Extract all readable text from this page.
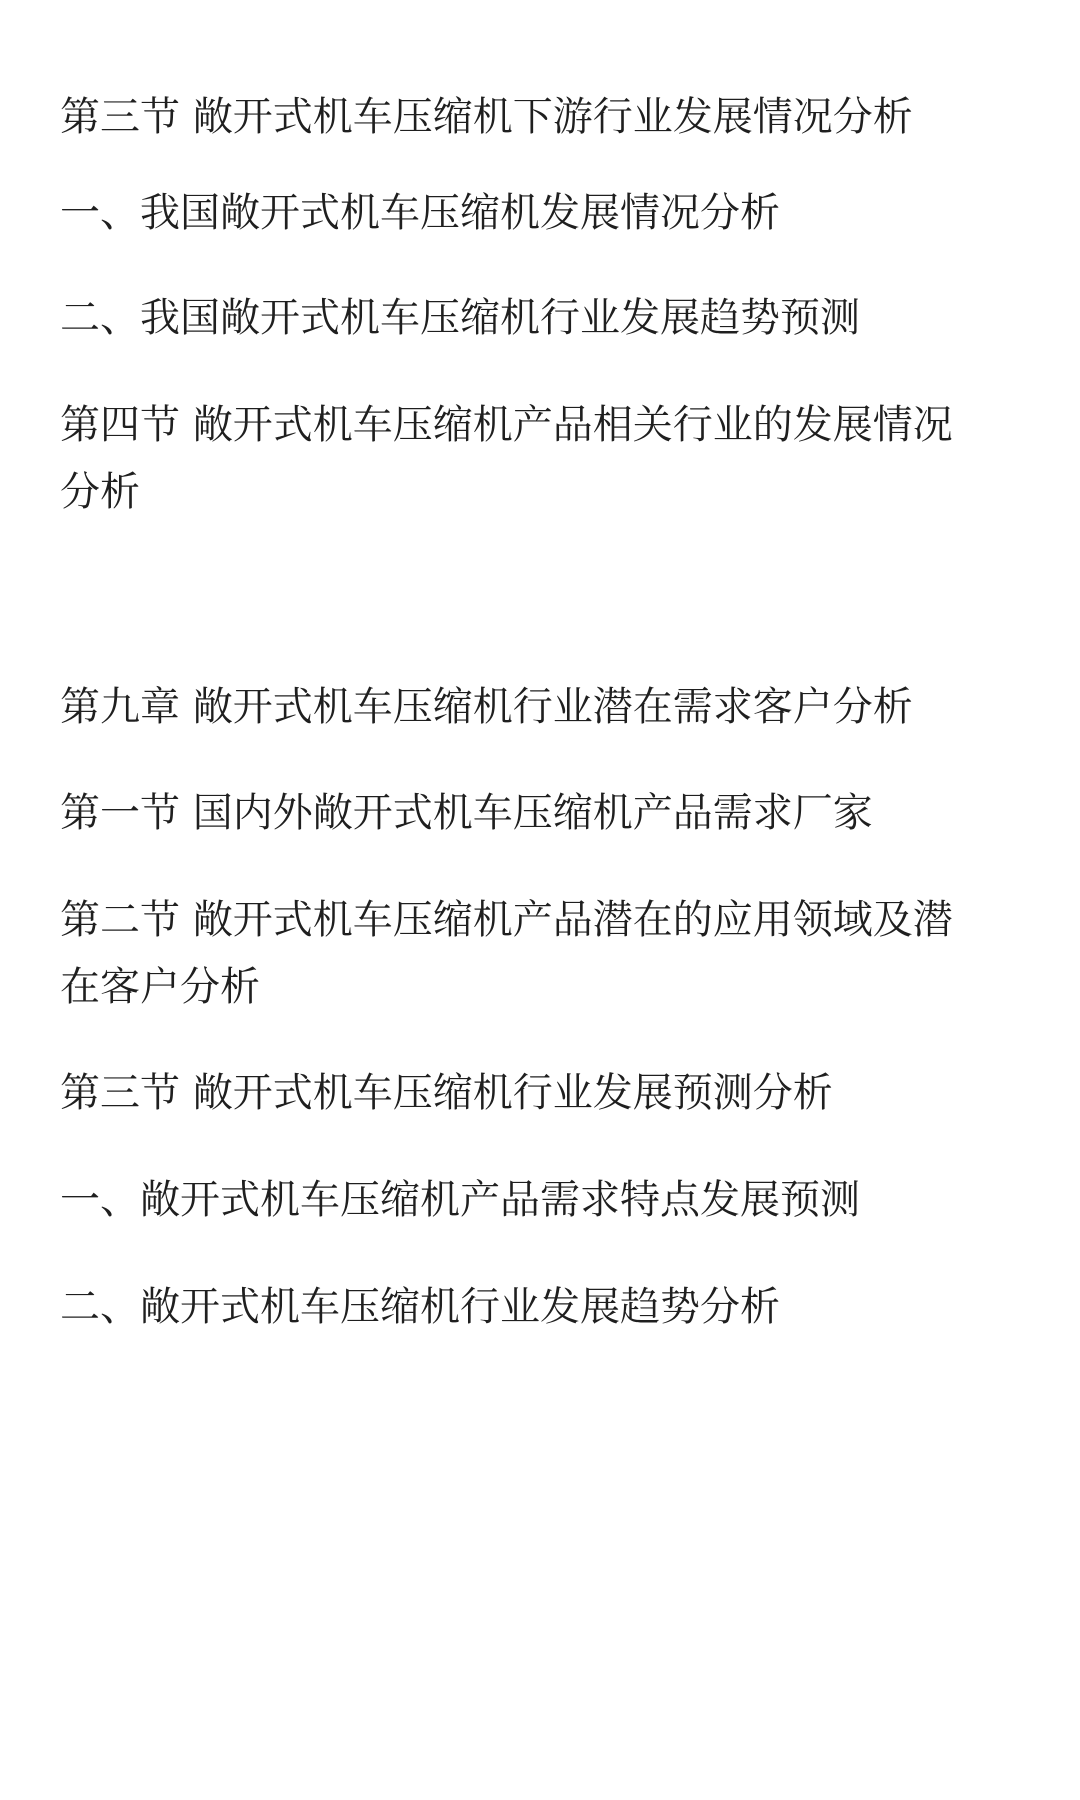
第三节 敞开式机车压缩机下游行业发展情况分析
一、我国敞开式机车压缩机发展情况分析
二、我国敞开式机车压缩机行业发展趋势预测
第四节 敞开式机车压缩机产品相关行业的发展情况
分析
第九章 敞开式机车压缩机行业潜在需求客户分析
第一节 国内外敞开式机车压缩机产品需求厂家
第二节 敞开式机车压缩机产品潜在的应用领域及潜
在客户分析
第三节 敞开式机车压缩机行业发展预测分析
一、敞开式机车压缩机产品需求特点发展预测
二、敞开式机车压缩机行业发展趋势分析
